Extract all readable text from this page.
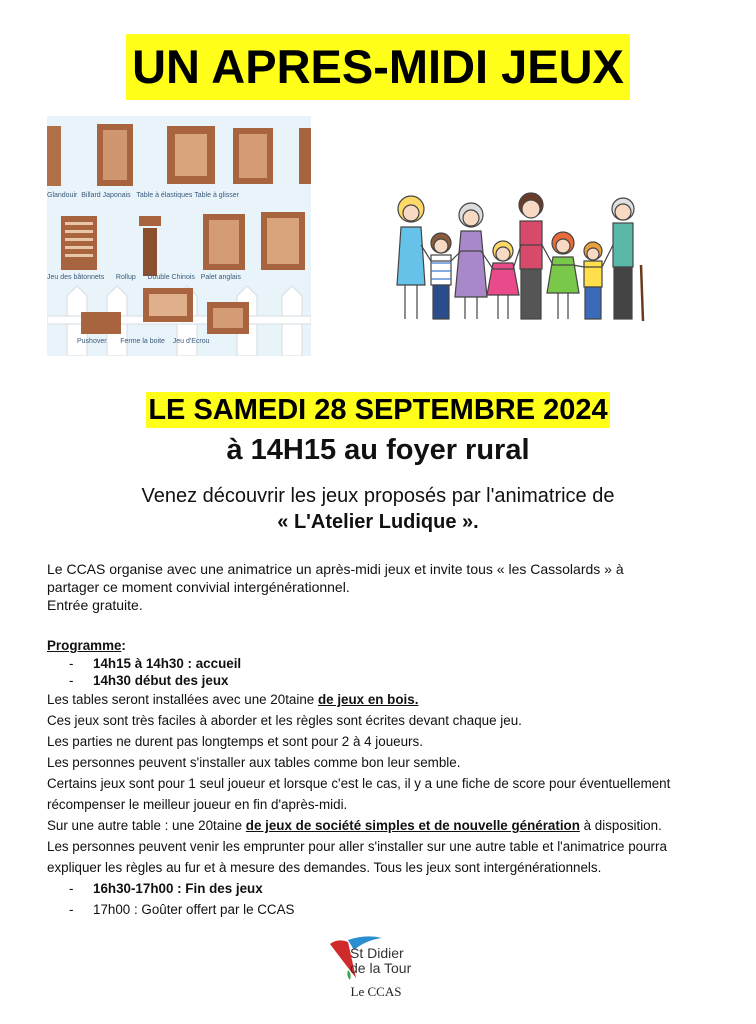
UN APRES-MIDI JEUX
Glandouir Billard Japonais Table à élastiques Table à glisser
Jeu des bâtonnets Rollup Double Chinois Palet anglais
Pushover Ferme la boite Jeu d'Ecrou
LE SAMEDI 28 SEPTEMBRE 2024
à 14H15 au foyer rural
Venez découvrir les jeux proposés par l'animatrice de
« L'Atelier Ludique ».
Le CCAS organise avec une animatrice un après-midi jeux et invite tous « les Cassolards » à
partager ce moment convivial intergénérationnel.
Entrée gratuite.
Programme:
- 14h15 à 14h30 : accueil
- 14h30 début des jeux
Les tables seront installées avec une 20taine de jeux en bois.
Ces jeux sont très faciles à aborder et les règles sont écrites devant chaque jeu.
Les parties ne durent pas longtemps et sont pour 2 à 4 joueurs.
Les personnes peuvent s'installer aux tables comme bon leur semble.
Certains jeux sont pour 1 seul joueur et lorsque c'est le cas, il y a une fiche de score pour éventuellement
récompenser le meilleur joueur en fin d'après-midi.
Sur une autre table : une 20taine de jeux de société simples et de nouvelle génération à disposition.
Les personnes peuvent venir les emprunter pour aller s'installer sur une autre table et l'animatrice pourra
expliquer les règles au fur et à mesure des demandes. Tous les jeux sont intergénérationnels.
- 16h30-17h00 : Fin des jeux
- 17h00 : Goûter offert par le CCAS
St Didier
de la Tour
Le CCAS
